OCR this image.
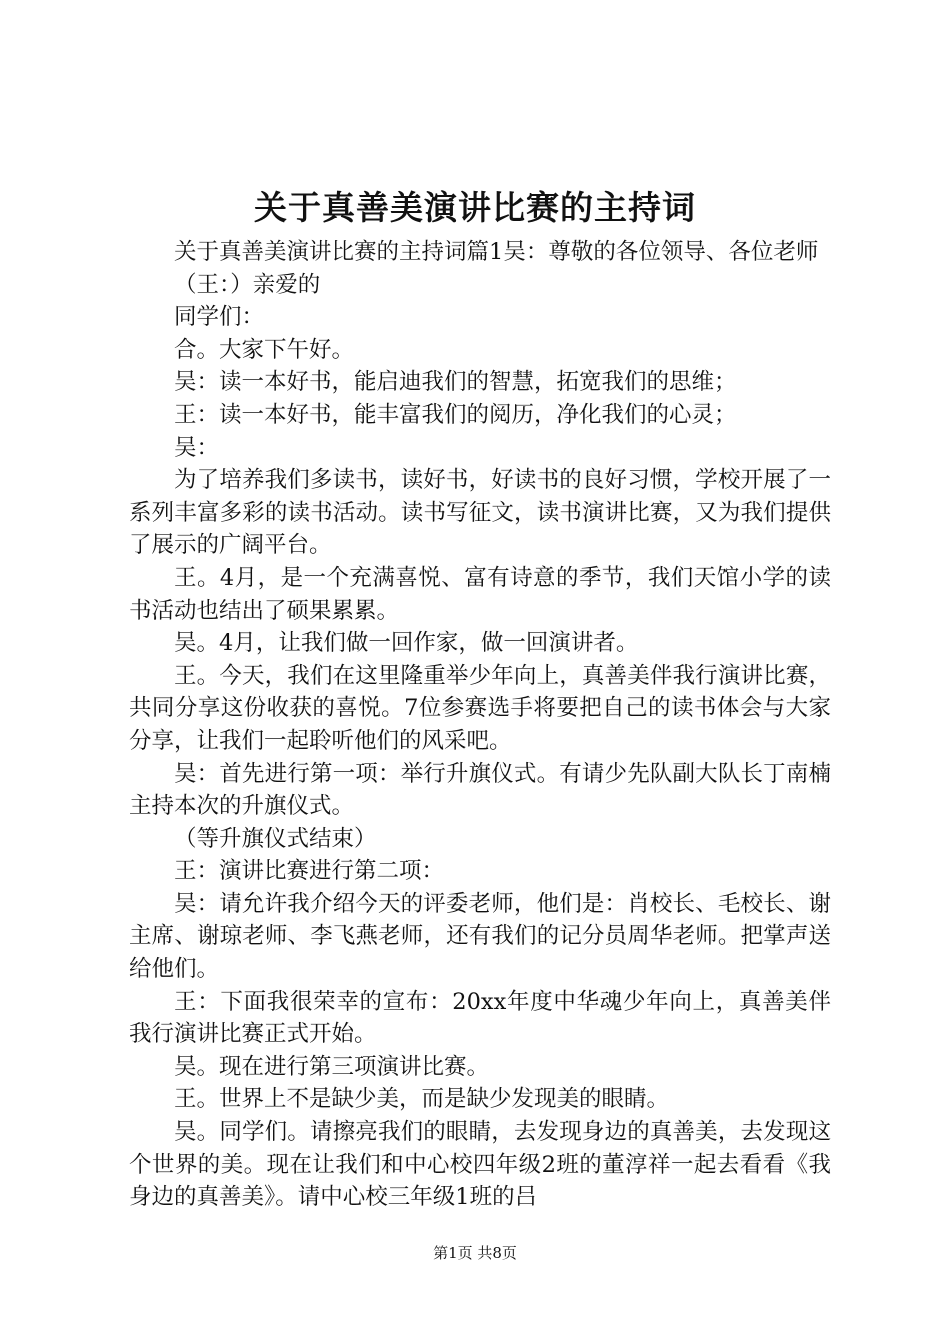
关于真善美演讲比赛的主持词

关于真善美演讲比赛的主持词篇1吴：尊敬的各位领导、各位老师

（王：）亲爱的

同学们：

合。大家下午好。

吴：读一本好书，能启迪我们的智慧，拓宽我们的思维；

王：读一本好书，能丰富我们的阅历，净化我们的心灵；

吴：

为了培养我们多读书，读好书，好读书的良好习惯，学校开展了一系列丰富多彩的读书活动。读书写征文，读书演讲比赛，又为我们提供了展示的广阔平台。

王。4月，是一个充满喜悦、富有诗意的季节，我们天馆小学的读书活动也结出了硕果累累。

吴。4月，让我们做一回作家，做一回演讲者。

王。今天，我们在这里隆重举少年向上，真善美伴我行演讲比赛，共同分享这份收获的喜悦。7位参赛选手将要把自己的读书体会与大家分享，让我们一起聆听他们的风采吧。

吴：首先进行第一项：举行升旗仪式。有请少先队副大队长丁南楠主持本次的升旗仪式。

（等升旗仪式结束）

王：演讲比赛进行第二项：

吴：请允许我介绍今天的评委老师，他们是：肖校长、毛校长、谢主席、谢琼老师、李飞燕老师，还有我们的记分员周华老师。把掌声送给他们。

王：下面我很荣幸的宣布：20xx年度中华魂少年向上，真善美伴我行演讲比赛正式开始。

吴。现在进行第三项演讲比赛。

王。世界上不是缺少美，而是缺少发现美的眼睛。

吴。同学们。请擦亮我们的眼睛，去发现身边的真善美，去发现这个世界的美。现在让我们和中心校四年级2班的董淳祥一起去看看《我身边的真善美》。请中心校三年级1班的吕

第1页 共8页
